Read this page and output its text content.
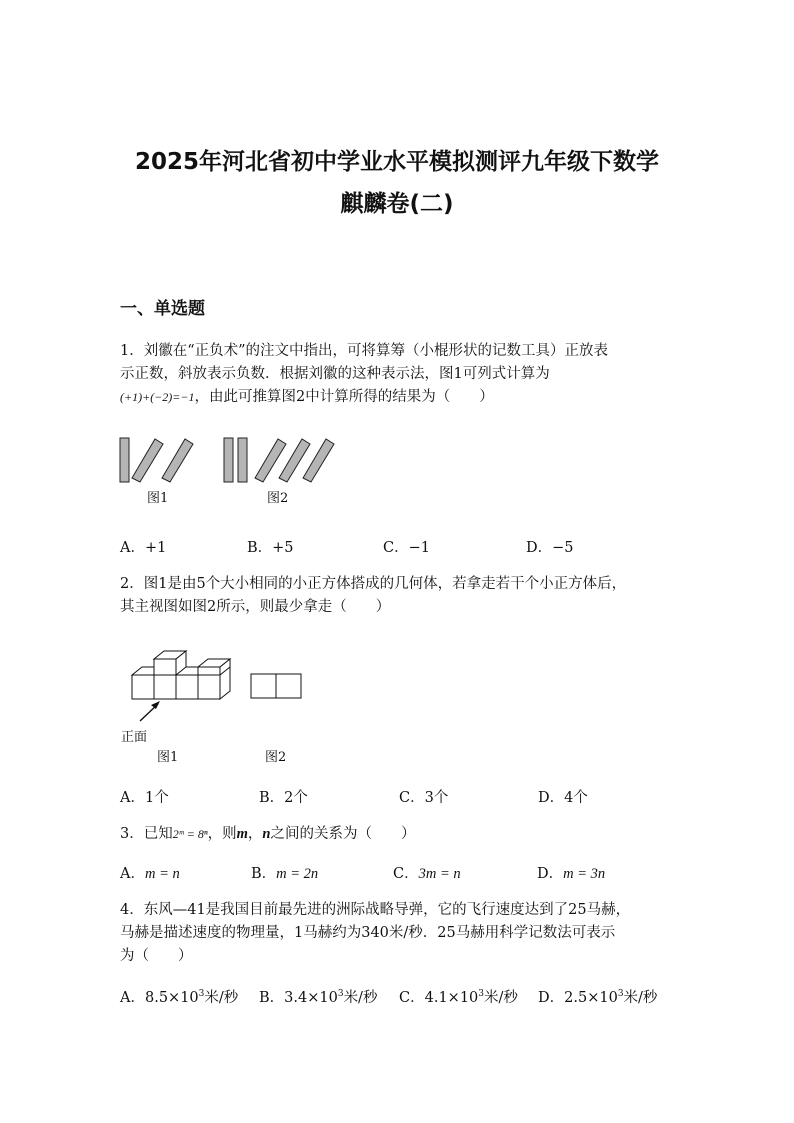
2025年河北省初中学业水平模拟测评九年级下数学
麒麟卷(二)
一、单选题
1．刘徽在“正负术”的注文中指出，可将算筹（小棍形状的记数工具）正放表
示正数，斜放表示负数．根据刘徽的这种表示法，图1可列式计算为
(+1)+(−2)=−1，由此可推算图2中计算所得的结果为（　　）
图1	图2
A．+1	B．+5	C．−1	D．−5
2．图1是由5个大小相同的小正方体搭成的几何体，若拿走若干个小正方体后，
其主视图如图2所示，则最少拿走（　　）
正面
图1	图2
A．1个	B．2个	C．3个	D．4个
3．已知2ᵐ = 8ⁿ，则m，n之间的关系为（　　）
A．m = n	B．m = 2n	C．3m = n	D．m = 3n
4．东风—41是我国目前最先进的洲际战略导弹，它的飞行速度达到了25马赫，
马赫是描述速度的物理量，1马赫约为340米/秒．25马赫用科学记数法可表示
为（　　）
A．$8.5\times 10^3$米/秒 B．$3.4\times 10^3$米/秒 C．$4.1\times 10^3$米/秒 D．$2.5\times 10^3$米/秒
